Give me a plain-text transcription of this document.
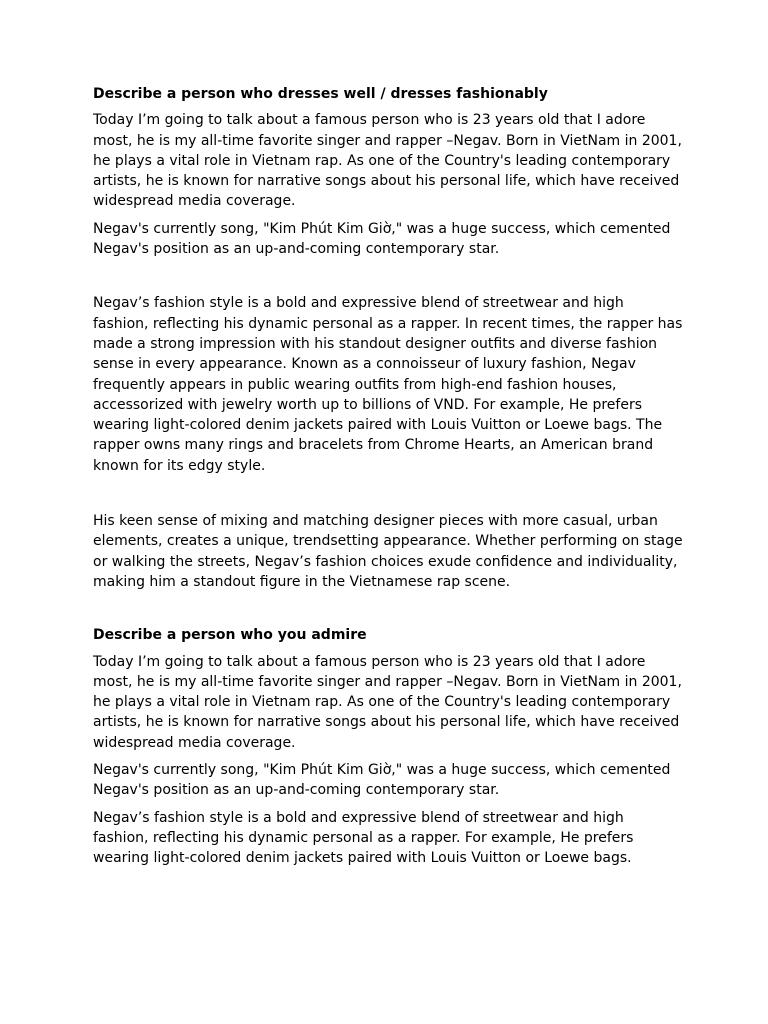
Describe a person who dresses well / dresses fashionably

Today I’m going to talk about a famous person who is 23 years old that I adore most, he is my all-time favorite singer and rapper –Negav. Born in VietNam in 2001, he plays a vital role in Vietnam rap. As one of the Country's leading contemporary artists, he is known for narrative songs about his personal life, which have received widespread media coverage.

Negav's currently song, "Kim Phút Kim Giờ," was a huge success, which cemented Negav's position as an up-and-coming contemporary star.

Negav’s fashion style is a bold and expressive blend of streetwear and high fashion, reflecting his dynamic personal as a rapper. In recent times, the rapper has made a strong impression with his standout designer outfits and diverse fashion sense in every appearance. Known as a connoisseur of luxury fashion, Negav frequently appears in public wearing outfits from high-end fashion houses, accessorized with jewelry worth up to billions of VND. For example, He prefers wearing light-colored denim jackets paired with Louis Vuitton or Loewe bags. The rapper owns many rings and bracelets from Chrome Hearts, an American brand known for its edgy style.

His keen sense of mixing and matching designer pieces with more casual, urban elements, creates a unique, trendsetting appearance. Whether performing on stage or walking the streets, Negav’s fashion choices exude confidence and individuality, making him a standout figure in the Vietnamese rap scene.

Describe a person who you admire

Today I’m going to talk about a famous person who is 23 years old that I adore most, he is my all-time favorite singer and rapper –Negav. Born in VietNam in 2001, he plays a vital role in Vietnam rap. As one of the Country's leading contemporary artists, he is known for narrative songs about his personal life, which have received widespread media coverage.

Negav's currently song, "Kim Phút Kim Giờ," was a huge success, which cemented Negav's position as an up-and-coming contemporary star.

Negav’s fashion style is a bold and expressive blend of streetwear and high fashion, reflecting his dynamic personal as a rapper. For example, He prefers wearing light-colored denim jackets paired with Louis Vuitton or Loewe bags.
